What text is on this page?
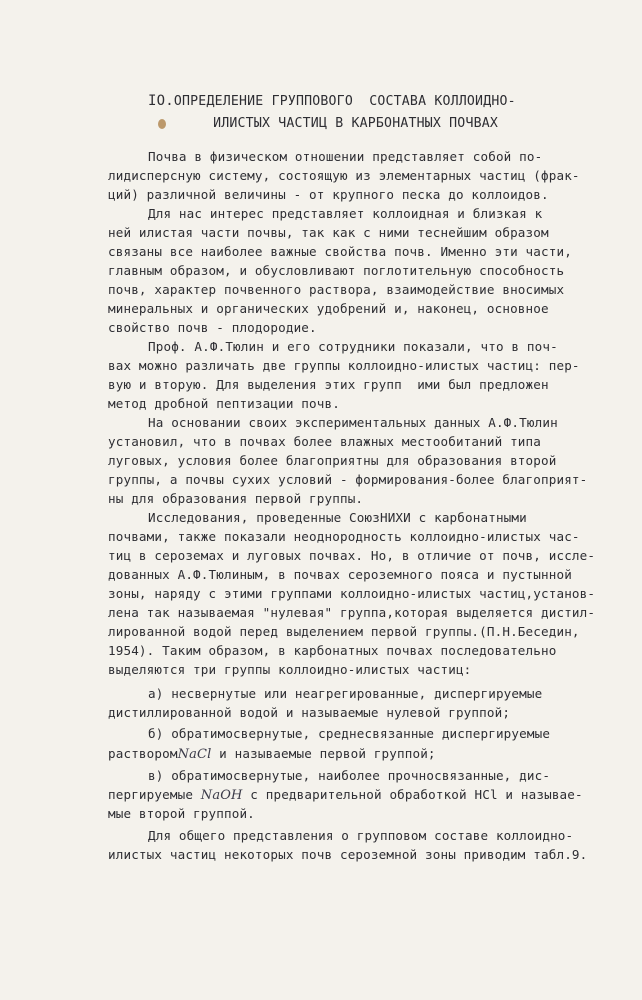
IO.ОПРЕДЕЛЕНИЕ ГРУППОВОГО  СОСТАВА КОЛЛОИДНО-
ИЛИСТЫХ ЧАСТИЦ В КАРБОНАТНЫХ ПОЧВАХ
Почва в физическом отношении представляет собой по-
лидисперсную систему, состоящую из элементарных частиц (фрак-
ций) различной величины - от крупного песка до коллоидов.
Для нас интерес представляет коллоидная и близкая к
ней илистая части почвы, так как с ними теснейшим образом
связаны все наиболее важные свойства почв. Именно эти части,
главным образом, и обусловливают поглотительную способность
почв, характер почвенного раствора, взаимодействие вносимых
минеральных и органических удобрений и, наконец, основное
свойство почв - плодородие.
Проф. А.Ф.Тюлин и его сотрудники показали, что в поч-
вах можно различать две группы коллоидно-илистых частиц: пер-
вую и вторую. Для выделения этих групп  ими был предложен
метод дробной пептизации почв.
На основании своих экспериментальных данных А.Ф.Тюлин
установил, что в почвах более влажных местообитаний типа
луговых, условия более благоприятны для образования второй
группы, а почвы сухих условий - формирования-более благоприят-
ны для образования первой группы.
Исследования, проведенные СоюзНИХИ с карбонатными
почвами, также показали неоднородность коллоидно-илистых час-
тиц в сероземах и луговых почвах. Но, в отличие от почв, иссле-
дованных А.Ф.Тюлиным, в почвах сероземного пояса и пустынной
зоны, наряду с этими группами коллоидно-илистых частиц,установ-
лена так называемая "нулевая" группа,которая выделяется дистил-
лированной водой перед выделением первой группы.(П.Н.Беседин,
1954). Таким образом, в карбонатных почвах последовательно
выделяются три группы коллоидно-илистых частиц:
а) несвернутые или неагрегированные, диспергируемые
дистиллированной водой и называемые нулевой группой;
б) обратимосвернутые, среднесвязанные диспергируемые
растворомNaCl и называемые первой группой;
в) обратимосвернутые, наиболее прочносвязанные, дис-
пергируемые NaOH с предварительной обработкой HCl и называе-
мые второй группой.
Для общего представления о групповом составе коллоидно-
илистых частиц некоторых почв сероземной зоны приводим табл.9.
